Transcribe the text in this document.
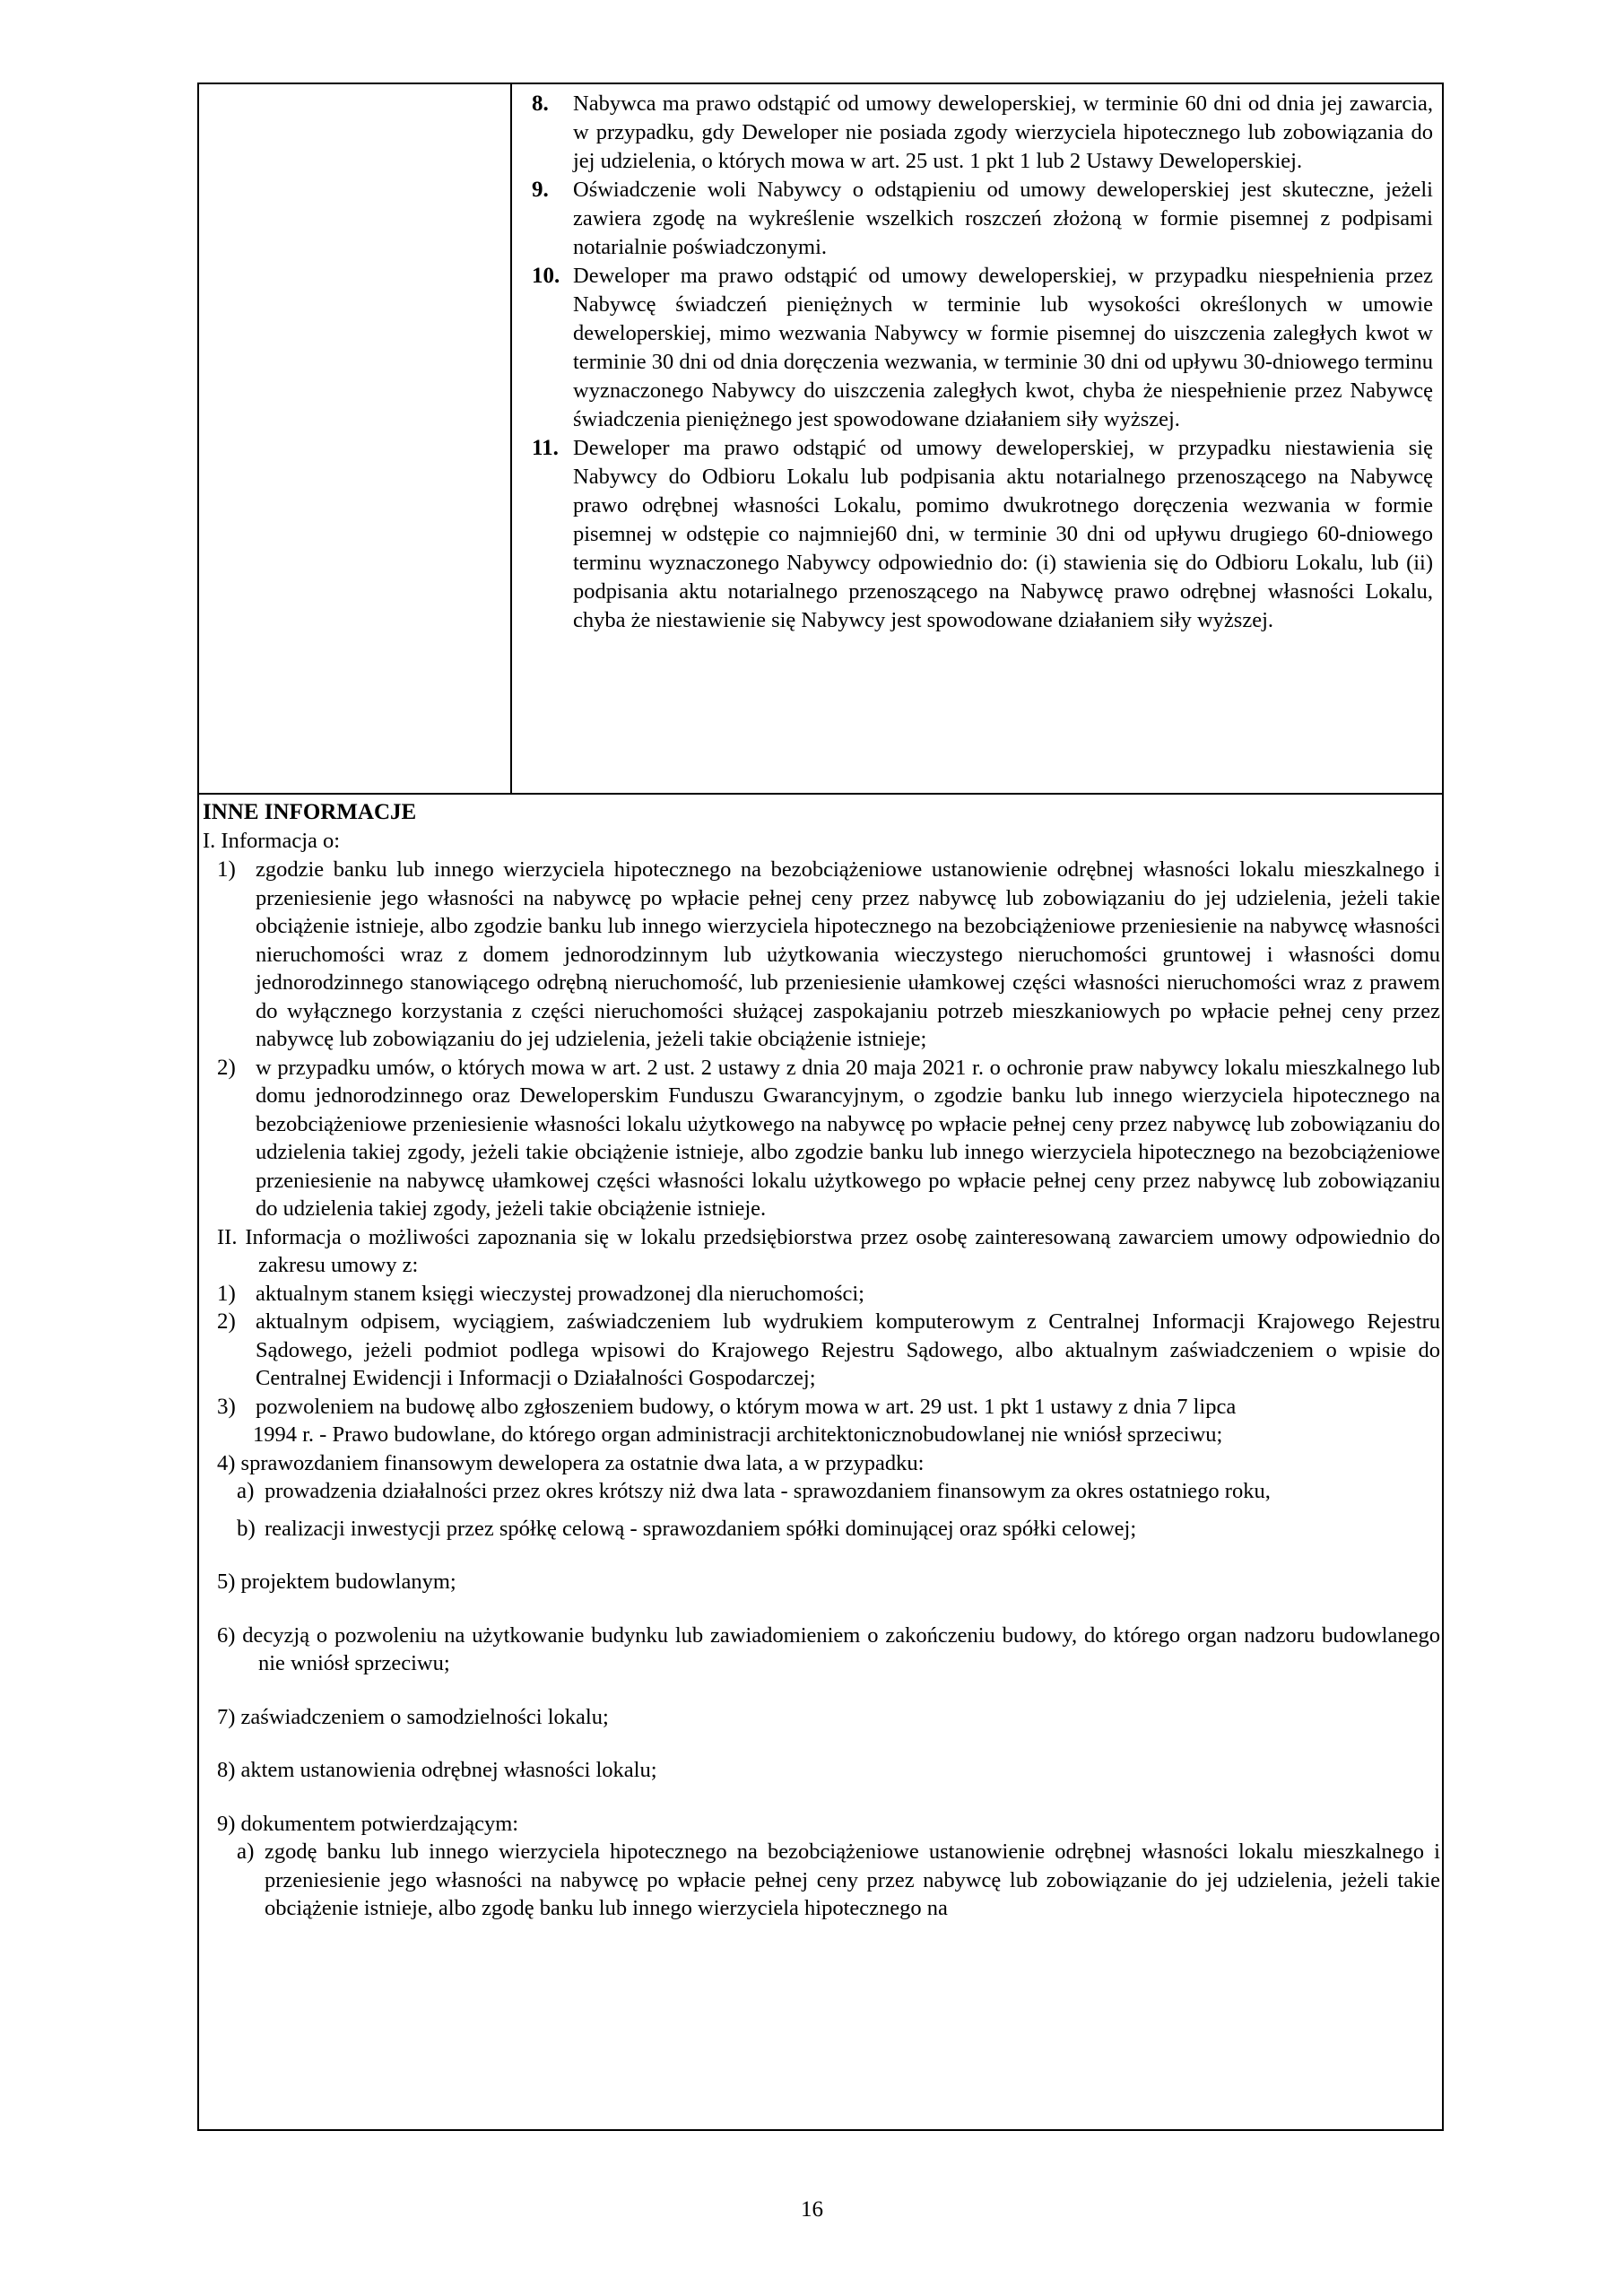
8.	Nabywca ma prawo odstąpić od umowy deweloperskiej, w terminie 60 dni od dnia jej zawarcia, w przypadku, gdy Deweloper nie posiada zgody wierzyciela hipotecznego lub zobowiązania do jej udzielenia, o których mowa w art. 25 ust. 1 pkt 1 lub 2 Ustawy Deweloperskiej.
9.	Oświadczenie woli Nabywcy o odstąpieniu od umowy deweloperskiej jest skuteczne, jeżeli zawiera zgodę na wykreślenie wszelkich roszczeń złożoną w formie pisemnej z podpisami notarialnie poświadczonymi.
10. Deweloper ma prawo odstąpić od umowy deweloperskiej, w przypadku niespełnienia przez Nabywcę świadczeń pieniężnych w terminie lub wysokości określonych w umowie deweloperskiej, mimo wezwania Nabywcy w formie pisemnej do uiszczenia zaległych kwot w terminie 30 dni od dnia doręczenia wezwania, w terminie 30 dni od upływu 30-dniowego terminu wyznaczonego Nabywcy do uiszczenia zaległych kwot, chyba że niespełnienie przez Nabywcę świadczenia pieniężnego jest spowodowane działaniem siły wyższej.
11. Deweloper ma prawo odstąpić od umowy deweloperskiej, w przypadku niestawienia się Nabywcy do Odbioru Lokalu lub podpisania aktu notarialnego przenoszącego na Nabywcę prawo odrębnej własności Lokalu, pomimo dwukrotnego doręczenia wezwania w formie pisemnej w odstępie co najmniej60 dni, w terminie 30 dni od upływu drugiego 60-dniowego terminu wyznaczonego Nabywcy odpowiednio do: (i) stawienia się do Odbioru Lokalu, lub (ii) podpisania aktu notarialnego przenoszącego na Nabywcę prawo odrębnej własności Lokalu, chyba że niestawienie się Nabywcy jest spowodowane działaniem siły wyższej.
INNE INFORMACJE
I. Informacja o:
1) zgodzie banku lub innego wierzyciela hipotecznego na bezobciążeniowe ustanowienie odrębnej własności lokalu mieszkalnego i przeniesienie jego własności na nabywcę po wpłacie pełnej ceny przez nabywcę lub zobowiązaniu do jej udzielenia, jeżeli takie obciążenie istnieje, albo zgodzie banku lub innego wierzyciela hipotecznego na bezobciążeniowe przeniesienie na nabywcę własności nieruchomości wraz z domem jednorodzinnym lub użytkowania wieczystego nieruchomości gruntowej i własności domu jednorodzinnego stanowiącego odrębną nieruchomość, lub przeniesienie ułamkowej części własności nieruchomości wraz z prawem do wyłącznego korzystania z części nieruchomości służącej zaspokajaniu potrzeb mieszkaniowych po wpłacie pełnej ceny przez nabywcę lub zobowiązaniu do jej udzielenia, jeżeli takie obciążenie istnieje;
2) w przypadku umów, o których mowa w art. 2 ust. 2 ustawy z dnia 20 maja 2021 r. o ochronie praw nabywcy lokalu mieszkalnego lub domu jednorodzinnego oraz Deweloperskim Funduszu Gwarancyjnym, o zgodzie banku lub innego wierzyciela hipotecznego na bezobciążeniowe przeniesienie własności lokalu użytkowego na nabywcę po wpłacie pełnej ceny przez nabywcę lub zobowiązaniu do udzielenia takiej zgody, jeżeli takie obciążenie istnieje, albo zgodzie banku lub innego wierzyciela hipotecznego na bezobciążeniowe przeniesienie na nabywcę ułamkowej części własności lokalu użytkowego po wpłacie pełnej ceny przez nabywcę lub zobowiązaniu do udzielenia takiej zgody, jeżeli takie obciążenie istnieje.
II. Informacja o możliwości zapoznania się w lokalu przedsiębiorstwa przez osobę zainteresowaną zawarciem umowy odpowiednio do zakresu umowy z:
1) aktualnym stanem księgi wieczystej prowadzonej dla nieruchomości;
2) aktualnym odpisem, wyciągiem, zaświadczeniem lub wydrukiem komputerowym z Centralnej Informacji Krajowego Rejestru Sądowego, jeżeli podmiot podlega wpisowi do Krajowego Rejestru Sądowego, albo aktualnym zaświadczeniem o wpisie do Centralnej Ewidencji i Informacji o Działalności Gospodarczej;
3) pozwoleniem na budowę albo zgłoszeniem budowy, o którym mowa w art. 29 ust. 1 pkt 1 ustawy z dnia 7 lipca
1994 r. - Prawo budowlane, do którego organ administracji architektonicznobudowlanej nie wniósł sprzeciwu;
4) sprawozdaniem finansowym dewelopera za ostatnie dwa lata, a w przypadku:
a) prowadzenia działalności przez okres krótszy niż dwa lata - sprawozdaniem finansowym za okres ostatniego roku,
b) realizacji inwestycji przez spółkę celową - sprawozdaniem spółki dominującej oraz spółki celowej;
5) projektem budowlanym;
6) decyzją o pozwoleniu na użytkowanie budynku lub zawiadomieniem o zakończeniu budowy, do którego organ nadzoru budowlanego nie wniósł sprzeciwu;
7) zaświadczeniem o samodzielności lokalu;
8) aktem ustanowienia odrębnej własności lokalu;
9) dokumentem potwierdzającym:
a) zgodę banku lub innego wierzyciela hipotecznego na bezobciążeniowe ustanowienie odrębnej własności lokalu mieszkalnego i przeniesienie jego własności na nabywcę po wpłacie pełnej ceny przez nabywcę lub zobowiązanie do jej udzielenia, jeżeli takie obciążenie istnieje, albo zgodę banku lub innego wierzyciela hipotecznego na
16
